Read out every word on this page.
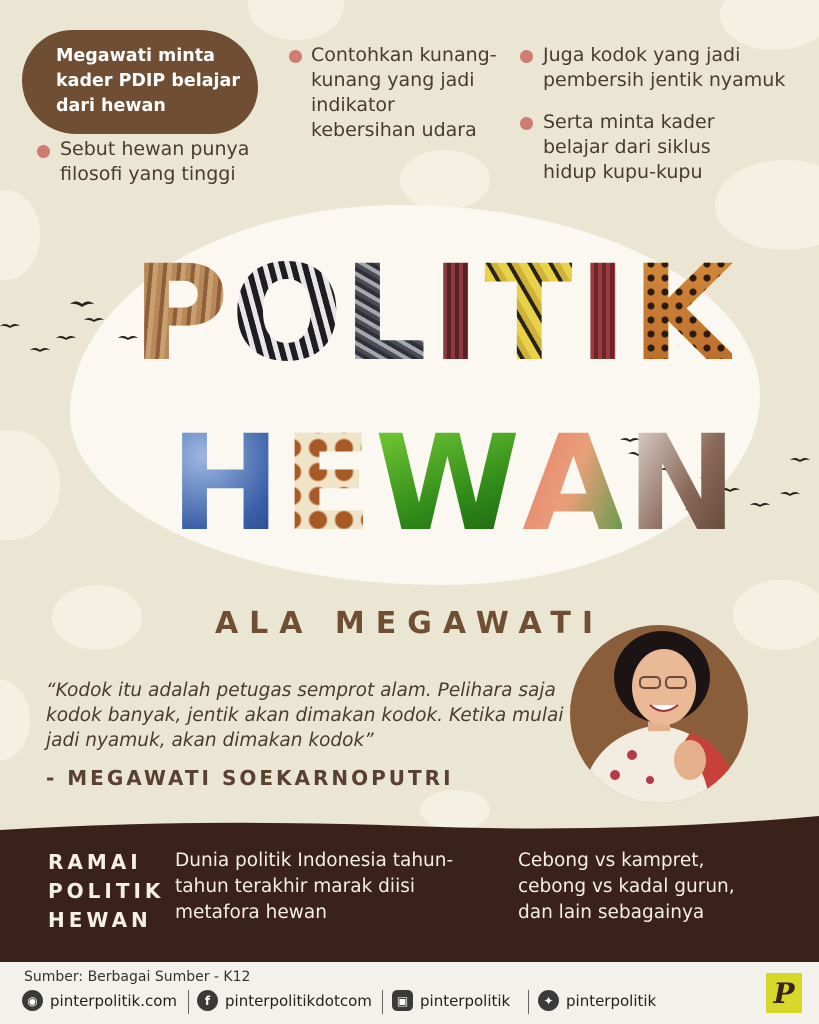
Megawati minta kader PDIP belajar dari hewan
Sebut hewan punya filosofi yang tinggi
Contohkan kunang- kunang yang jadi indikator kebersihan udara
Juga kodok yang jadi pembersih jentik nyamuk
Serta minta kader belajar dari siklus hidup kupu-kupu
P O L I T I K
H E W A N
ALA MEGAWATI
“Kodok itu adalah petugas semprot alam. Pelihara saja kodok banyak, jentik akan dimakan kodok. Ketika mulai jadi nyamuk, akan dimakan kodok”
- MEGAWATI SOEKARNOPUTRI
RAMAI
POLITIK
HEWAN
Dunia politik Indonesia tahun-tahun terakhir marak diisi metafora hewan
Cebong vs kampret, cebong vs kadal gurun, dan lain sebagainya
Sumber: Berbagai Sumber - K12
◉ pinterpolitik.com	f pinterpolitikdotcom	▣ pinterpolitik	✦ pinterpolitik	P
